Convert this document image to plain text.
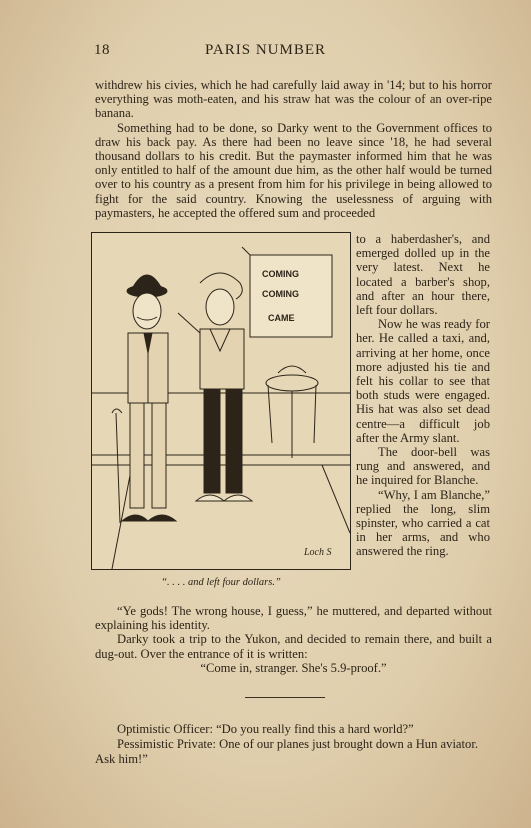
18	PARIS NUMBER

withdrew his civies, which he had carefully laid away in '14; but to his horror everything was moth-eaten, and his straw hat was the colour of an over-ripe banana.

Something had to be done, so Darky went to the Government offices to draw his back pay. As there had been no leave since '18, he had several thousand dollars to his credit. But the paymaster informed him that he was only entitled to half of the amount due him, as the other half would be turned over to his country as a present from him for his privilege in being allowed to fight for the said country. Knowing the uselessness of arguing with paymasters, he accepted the offered sum and proceeded

COMING
COMING
CAME
Loch S
“. . . . and left four dollars.”

to a haberdasher's, and emerged dolled up in the very latest. Next he located a barber's shop, and after an hour there, left four dollars.

Now he was ready for her. He called a taxi, and, arriving at her home, once more adjusted his tie and felt his collar to see that both studs were engaged. His hat was also set dead centre—a difficult job after the Army slant.

The door-bell was rung and answered, and he inquired for Blanche.

“Why, I am Blanche,” replied the long, slim spinster, who carried a cat in her arms, and who answered the ring.

“Ye gods! The wrong house, I guess,” he muttered, and departed without explaining his identity.

Darky took a trip to the Yukon, and decided to remain there, and built a dug-out. Over the entrance of it is written:

“Come in, stranger. She's 5.9-proof.”

Optimistic Officer: “Do you really find this a hard world?”

Pessimistic Private: One of our planes just brought down a Hun aviator. Ask him!”
